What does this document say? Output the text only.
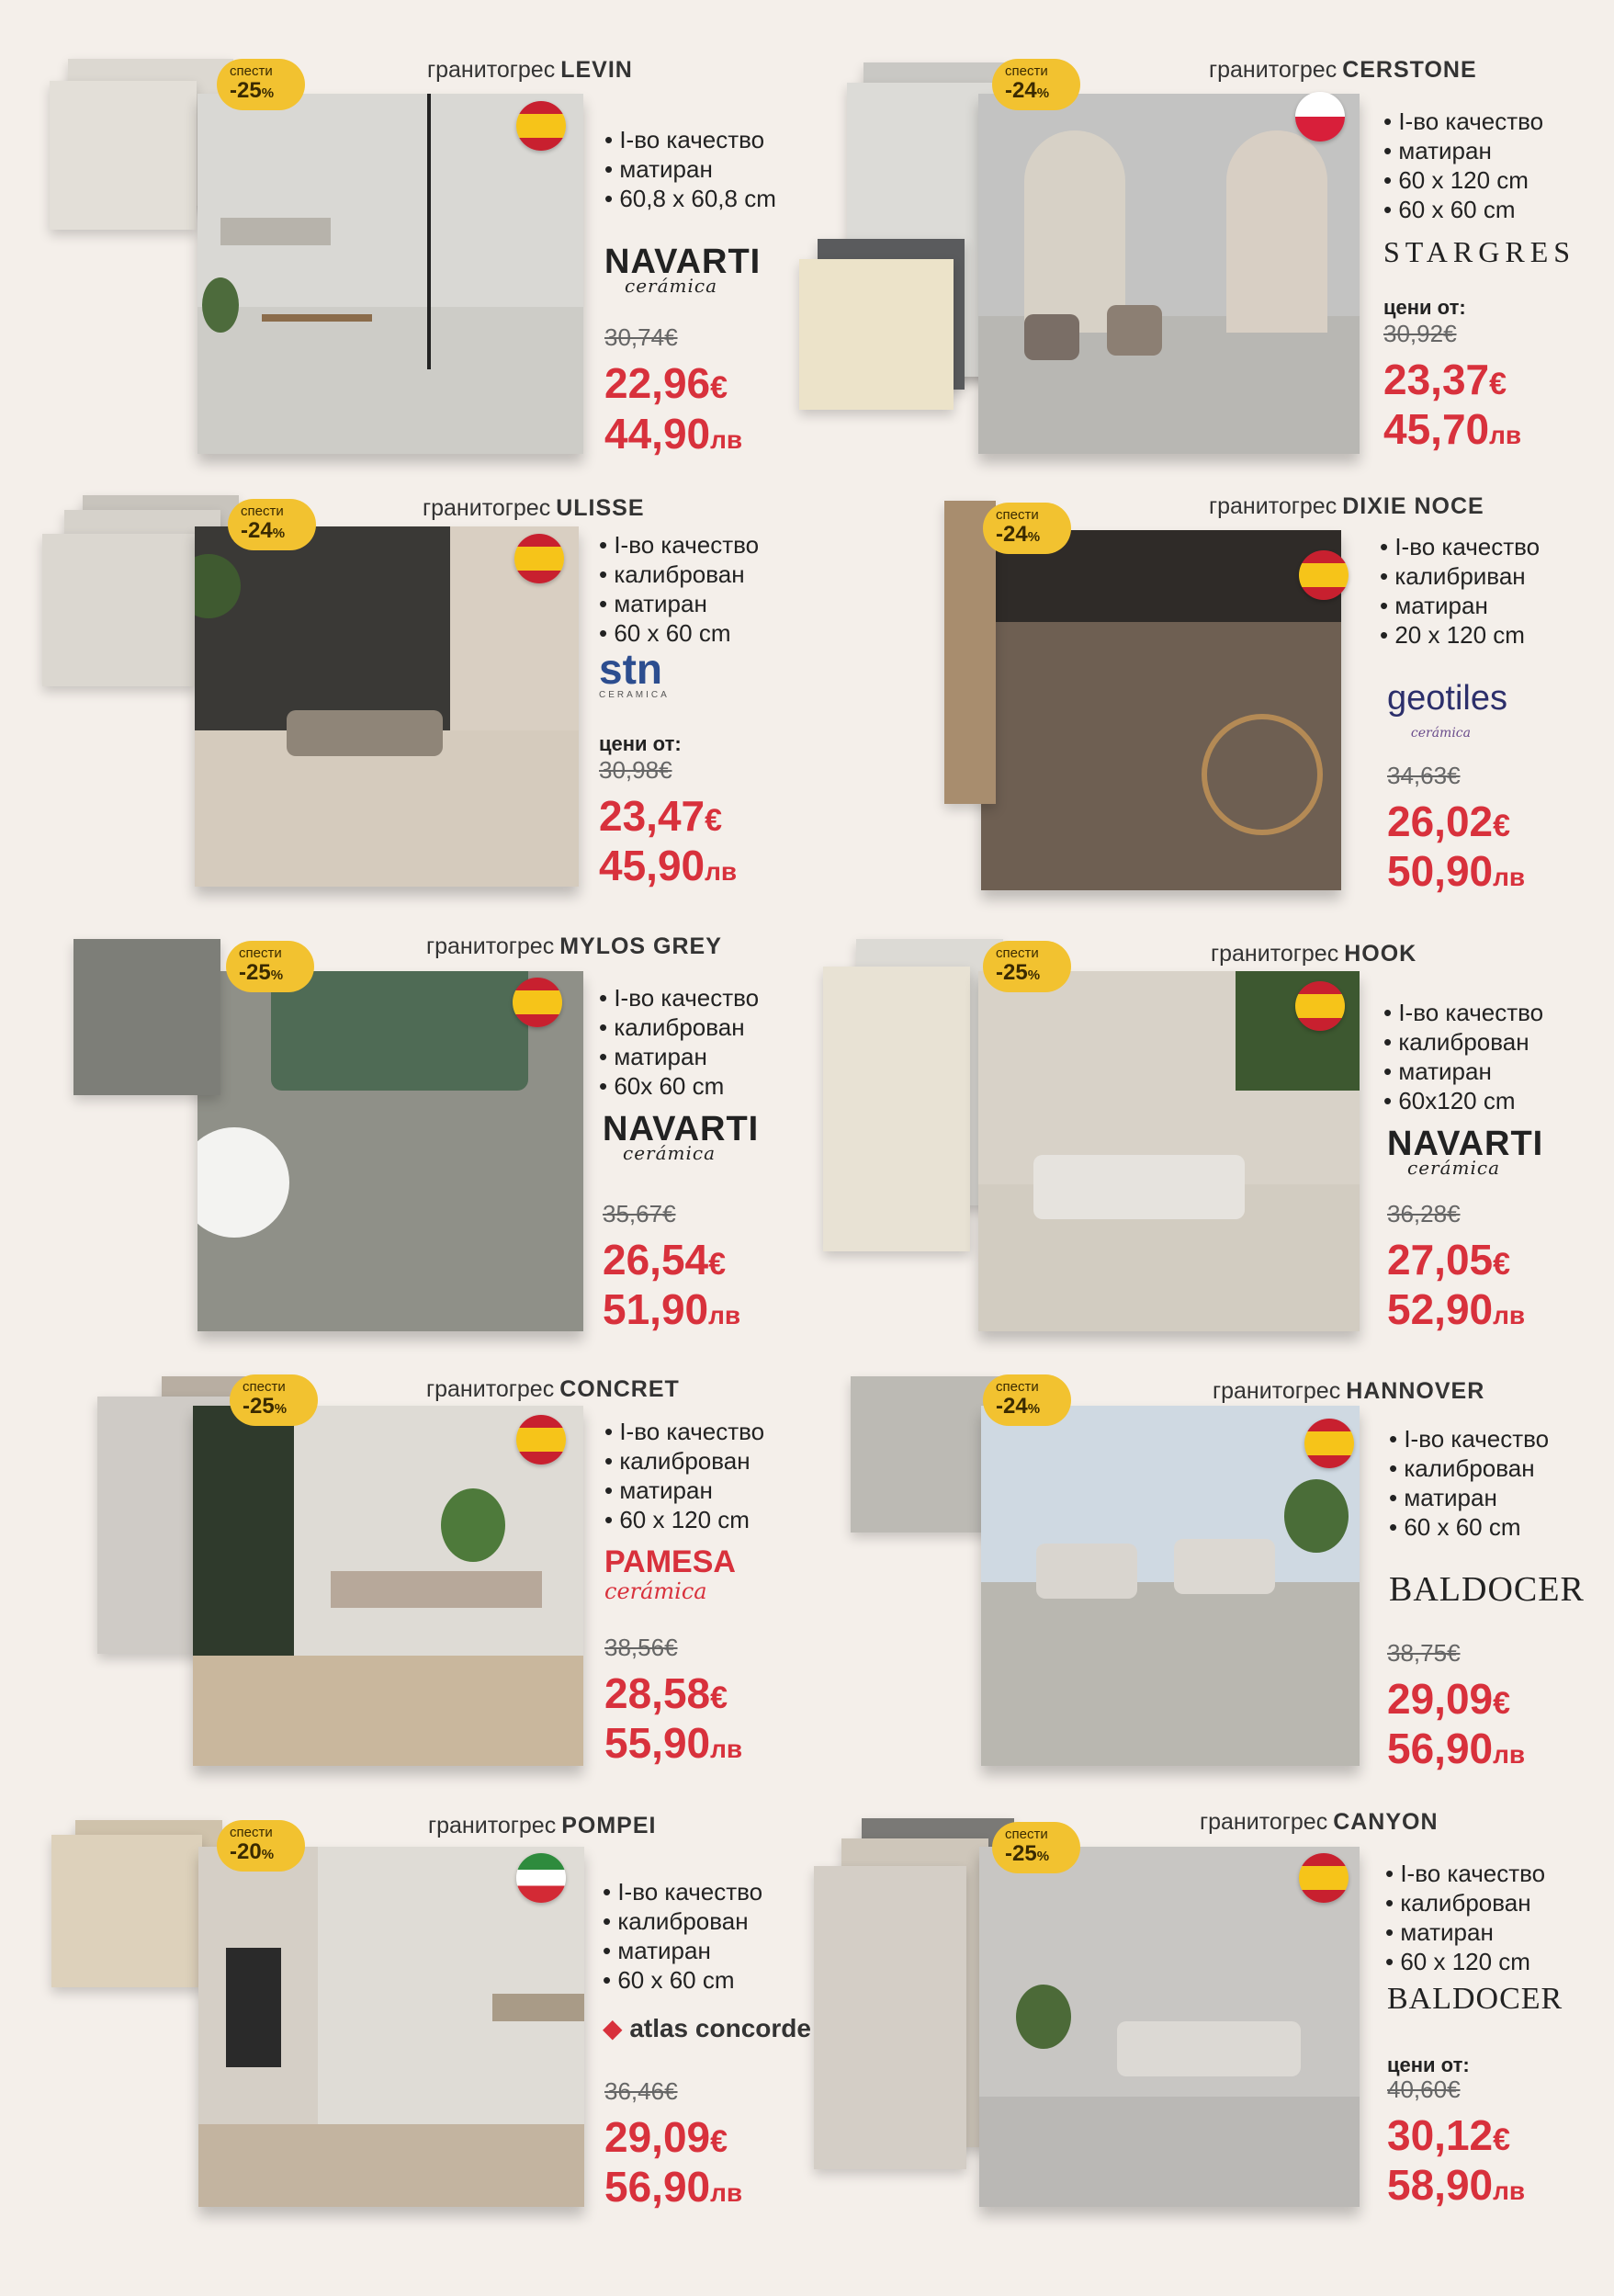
спести
-25%
гранитогрес LEVIN
• I-во качество
• матиран
• 60,8 x 60,8 cm
NAVARTI
cerámica
30,74€
22,96€
44,90лв
спести
-24%
гранитогрес CERSTONE
• I-во качество
• матиран
• 60 x 120 cm
• 60 x 60 cm
STARGRES
цени от:
30,92€
23,37€
45,70лв
спести
-24%
гранитогрес ULISSE
• I-во качество
• калиброван
• матиран
• 60 x 60 cm
stn
CERAMICA
цени от:
30,98€
23,47€
45,90лв
спести
-24%
гранитогрес DIXIE NOCE
• I-во качество
• калибриван
• матиран
• 20 x 120 cm
geotiles
cerámica
34,63€
26,02€
50,90лв
спести
-25%
гранитогрес MYLOS GREY
• I-во качество
• калиброван
• матиран
• 60x 60 cm
NAVARTI
cerámica
35,67€
26,54€
51,90лв
спести
-25%
гранитогрес HOOK
• I-во качество
• калиброван
• матиран
• 60x120 cm
NAVARTI
cerámica
36,28€
27,05€
52,90лв
спести
-25%
гранитогрес CONCRET
• I-во качество
• калиброван
• матиран
• 60 x 120 cm
PAMESA
cerámica
38,56€
28,58€
55,90лв
спести
-24%
гранитогрес HANNOVER
• I-во качество
• калиброван
• матиран
• 60 x 60 cm
BALDOCER
38,75€
29,09€
56,90лв
спести
-20%
гранитогрес POMPEI
• I-во качество
• калиброван
• матиран
• 60 x 60 cm
◆ atlas concorde
36,46€
29,09€
56,90лв
спести
-25%
гранитогрес CANYON
• I-во качество
• калиброван
• матиран
• 60 x 120 cm
BALDOCER
цени от:
40,60€
30,12€
58,90лв
